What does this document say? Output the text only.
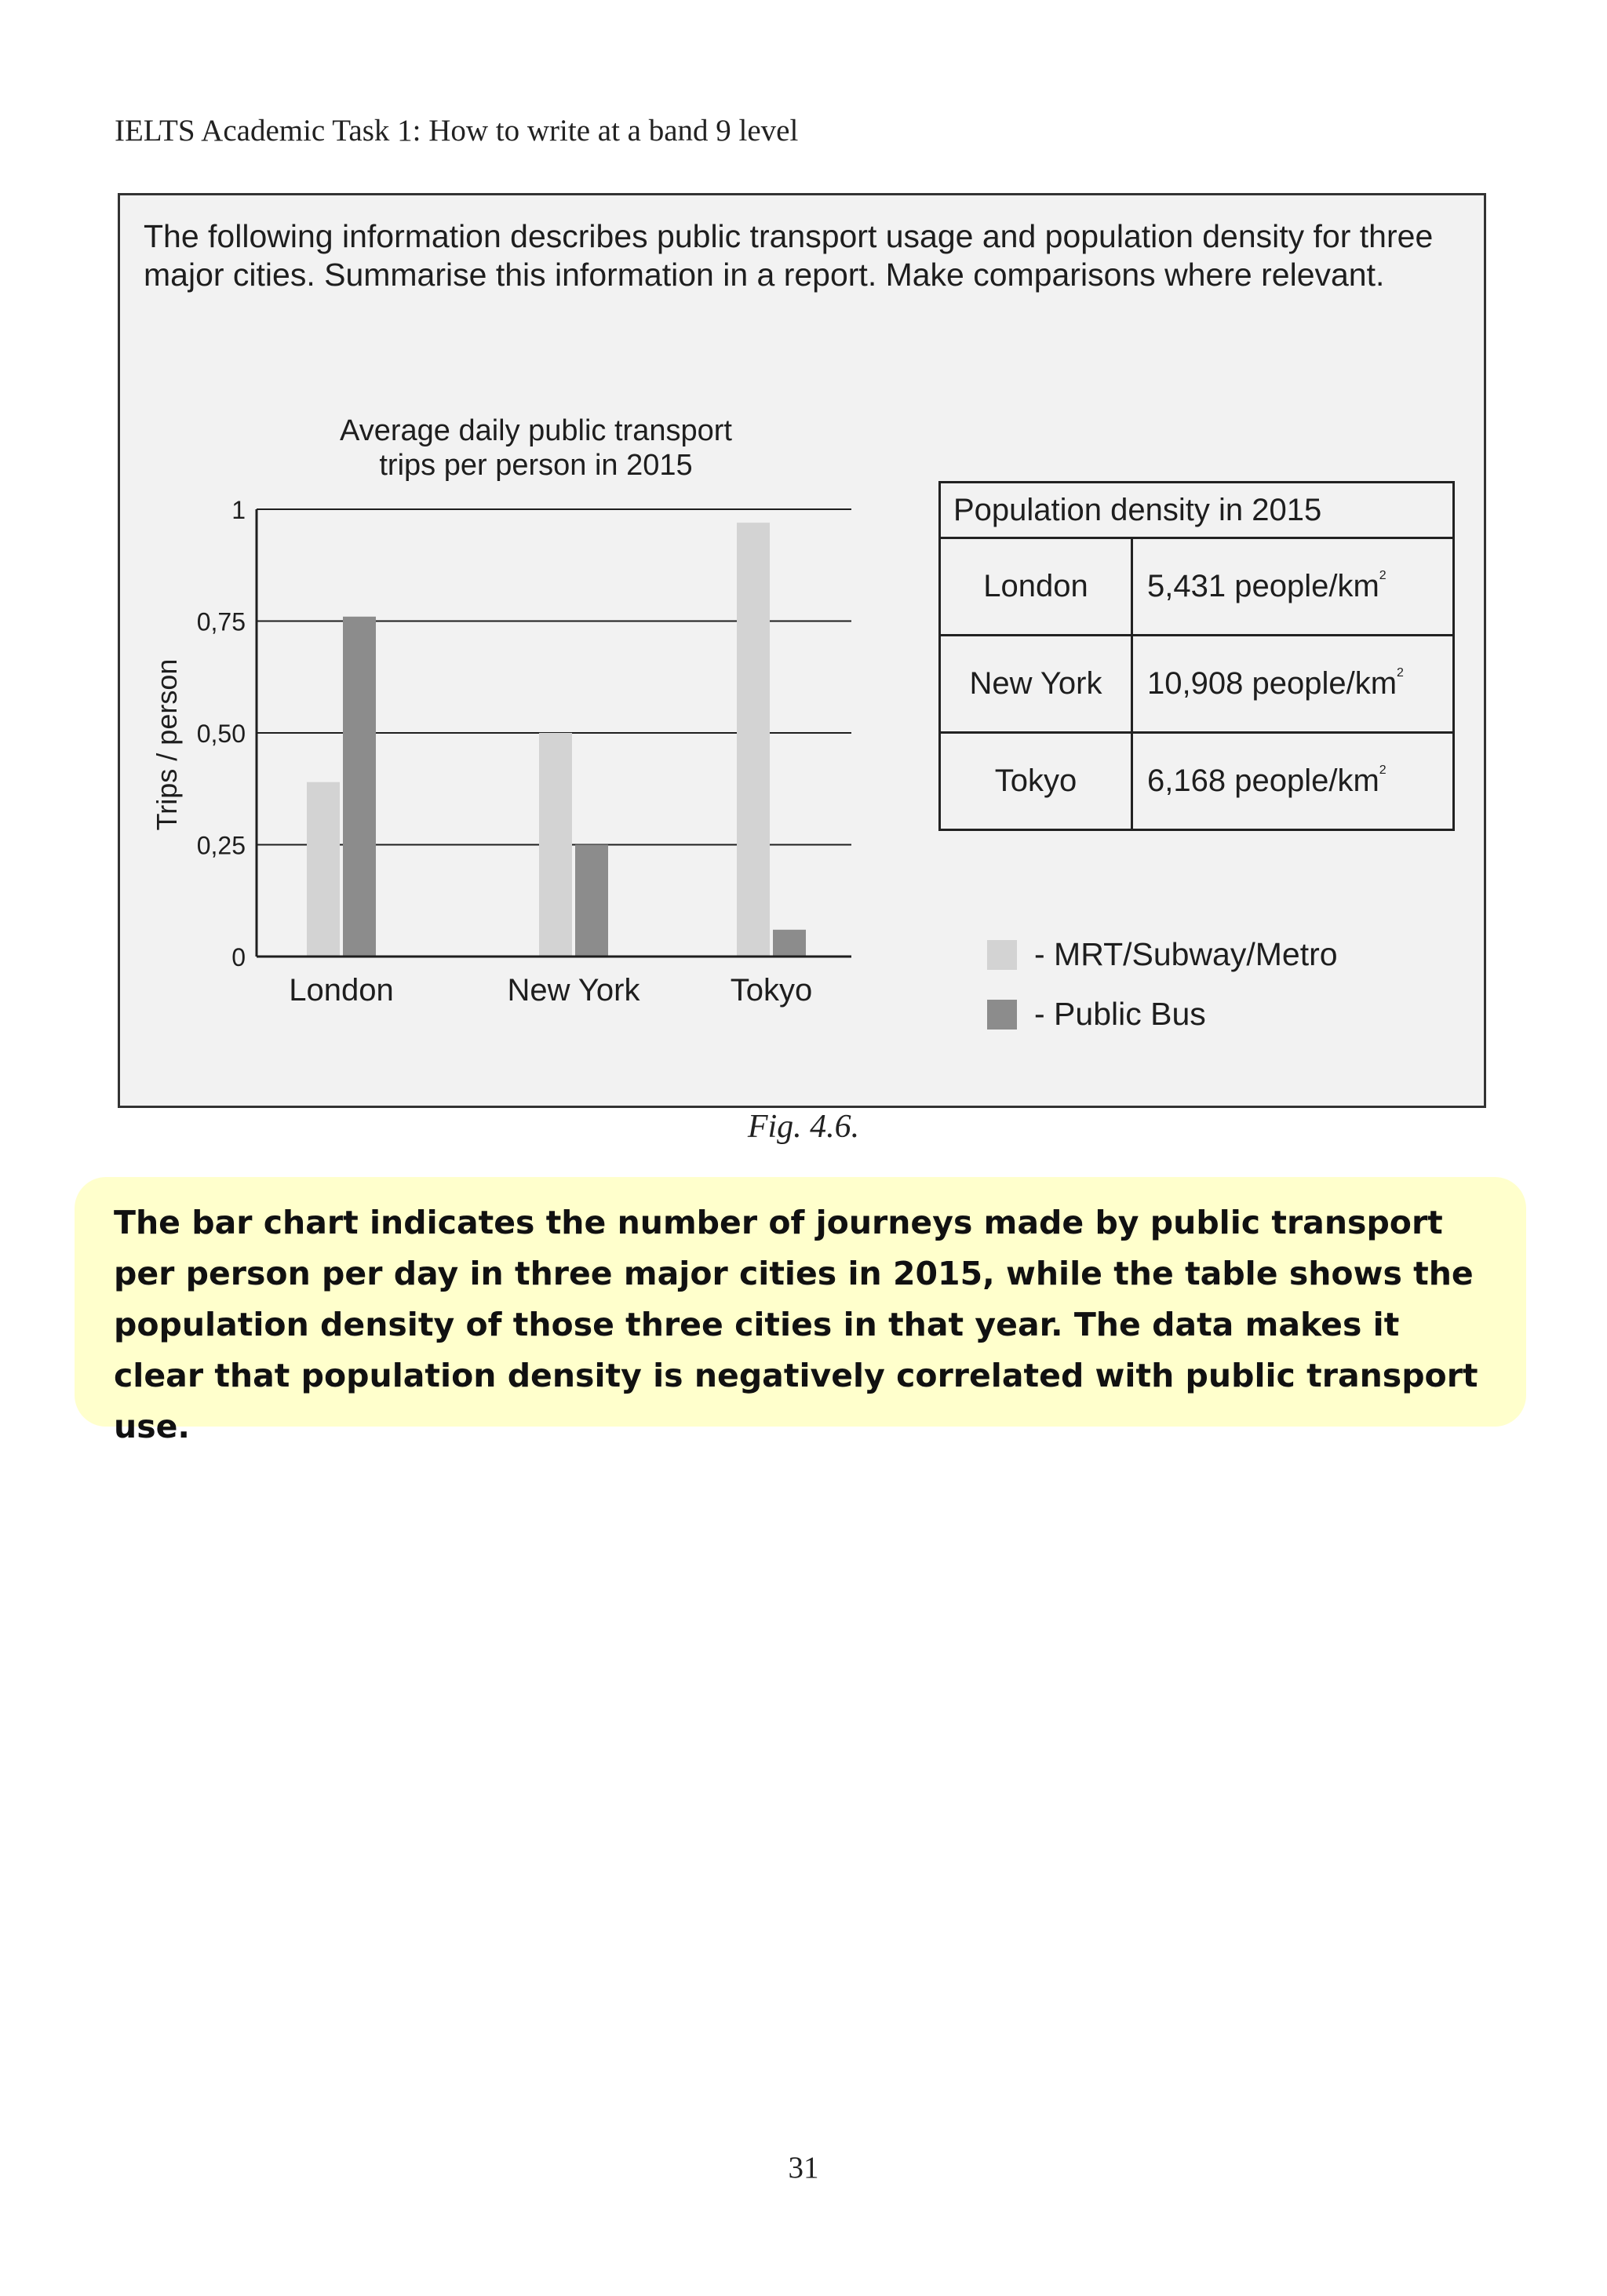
IELTS Academic Task 1: How to write at a band 9 level
The following information describes public transport usage and population density for three major cities. Summarise this information in a report. Make comparisons where relevant.
Average daily public transport
trips per person in 2015
Trips / person
0
0,25
0,50
0,75
1
London	New York	Tokyo
Population density in 2015	
London	5,431 people/$km^2$
New York	10,908 people/$km^2$
Tokyo	6,168 people/$km^2$
- MRT/Subway/Metro
- Public Bus
Fig. 4.6.
The bar chart indicates the number of journeys made by public transport per person per day in three major cities in 2015, while the table shows the population density of those three cities in that year. The data makes it clear that population density is negatively correlated with public transport use.
31
